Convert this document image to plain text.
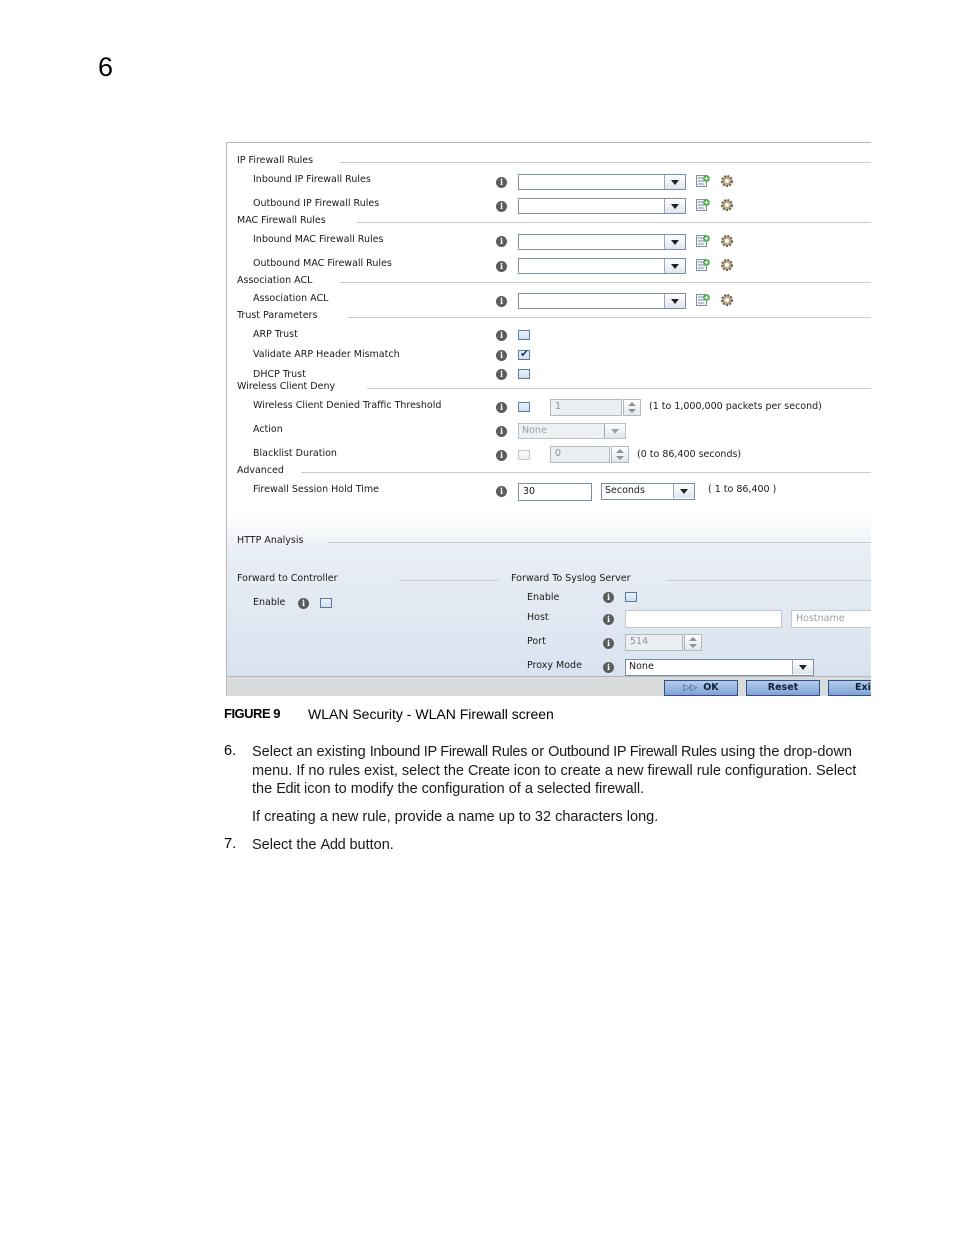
6
IP Firewall Rules
Inbound IP Firewall Rules	i
Outbound IP Firewall Rules	i
MAC Firewall Rules
Inbound MAC Firewall Rules	i
Outbound MAC Firewall Rules	i
Association ACL
Association ACL	i
Trust Parameters
ARP Trust	i
Validate ARP Header Mismatch	i	✔
DHCP Trust	i
Wireless Client Deny
Wireless Client Denied Traffic Threshold	i	1	(1 to 1,000,000 packets per second)
Action	i	None
Blacklist Duration	i	0	(0 to 86,400 seconds)
Advanced
Firewall Session Hold Time	i	30	Seconds	( 1 to 86,400 )
HTTP Analysis
Forward to Controller
Enable	i
Forward To Syslog Server
Enable	i
Host	i	Hostname
Port	i	514
Proxy Mode	i	None
▷▷ OK	Reset	Exi
FIGURE 9 WLAN Security - WLAN Firewall screen
6. Select an existing Inbound IP Firewall Rules or Outbound IP Firewall Rules using the drop-down
menu. If no rules exist, select the Create icon to create a new firewall rule configuration. Select
the Edit icon to modify the configuration of a selected firewall.
If creating a new rule, provide a name up to 32 characters long.
7. Select the Add button.
